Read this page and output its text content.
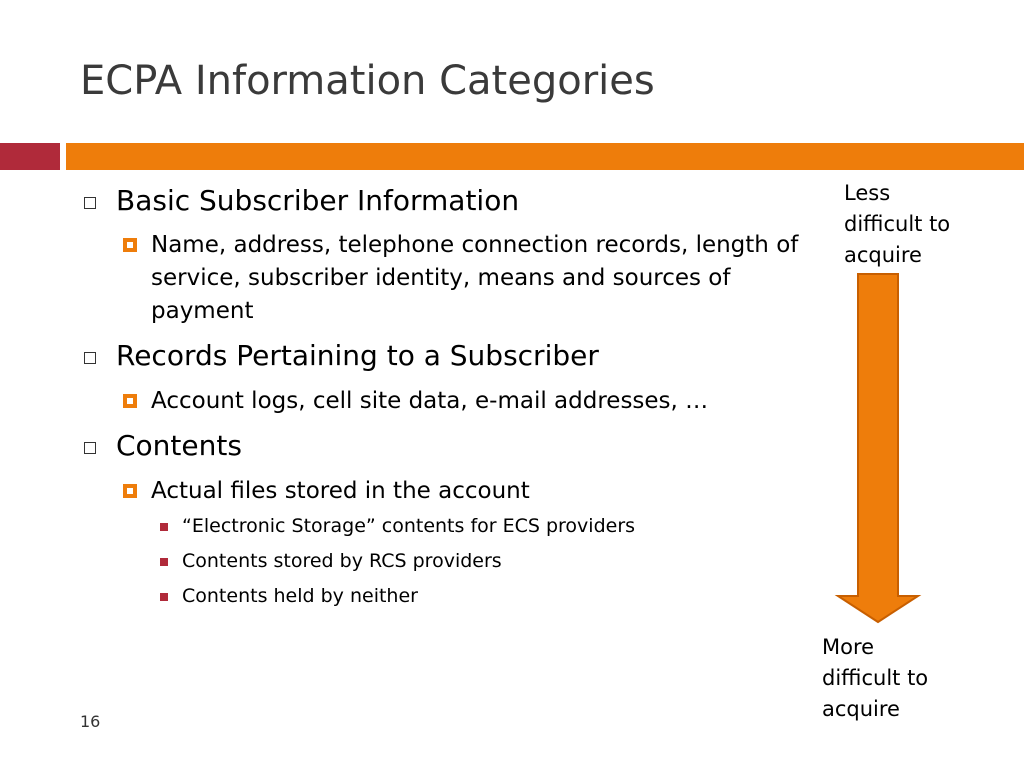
ECPA Information Categories
Basic Subscriber Information
Name, address, telephone connection records, length of service, subscriber identity, means and sources of payment
Records Pertaining to a Subscriber
Account logs, cell site data, e-mail addresses, …
Contents
Actual files stored in the account
“Electronic Storage” contents for ECS providers
Contents stored by RCS providers
Contents held by neither
Less
difficult to
acquire
More
difficult to
acquire
16
